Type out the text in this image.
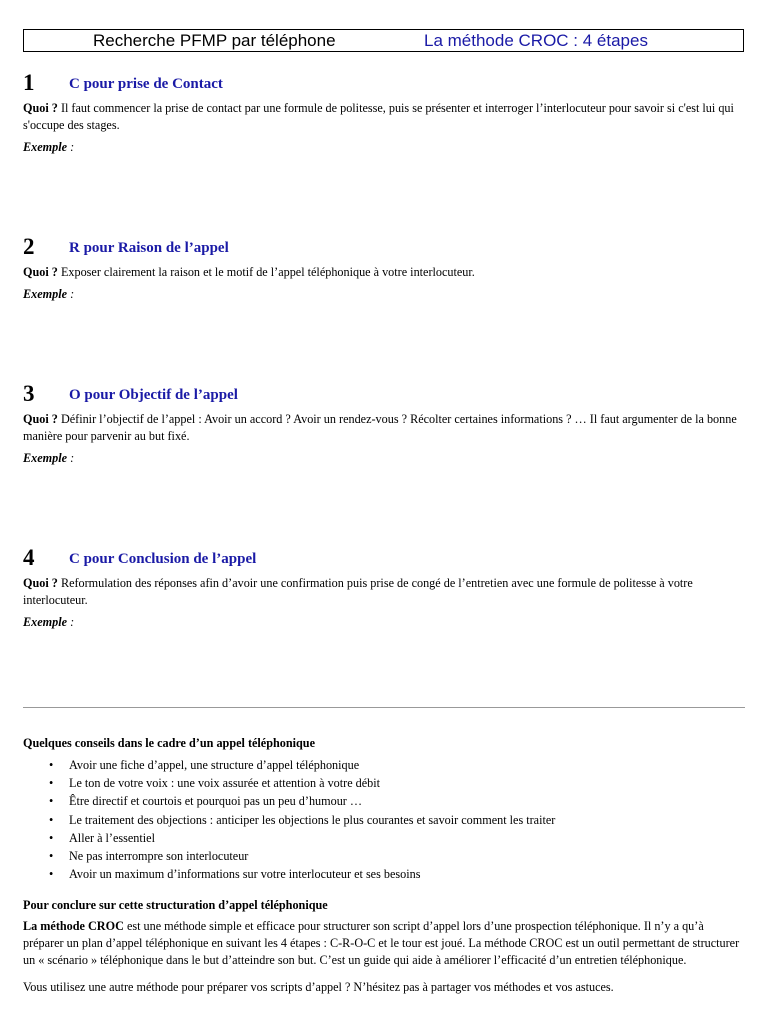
Recherche PFMP par téléphone	La méthode CROC : 4 étapes
1 C pour prise de Contact
Quoi ? Il faut commencer la prise de contact par une formule de politesse, puis se présenter et interroger l’interlocuteur pour savoir si c'est lui qui s'occupe des stages.
Exemple :
2 R pour Raison de l’appel
Quoi ? Exposer clairement la raison et le motif de l’appel téléphonique à votre interlocuteur.
Exemple :
3 O pour Objectif de l’appel
Quoi ? Définir l’objectif de l’appel : Avoir un accord ? Avoir un rendez-vous ? Récolter certaines informations ? … Il faut argumenter de la bonne manière pour parvenir au but fixé.
Exemple :
4 C pour Conclusion de l’appel
Quoi ? Reformulation des réponses afin d’avoir une confirmation puis prise de congé de l’entretien avec une formule de politesse à votre interlocuteur.
Exemple :
Quelques conseils dans le cadre d’un appel téléphonique
• Avoir une fiche d’appel, une structure d’appel téléphonique
• Le ton de votre voix : une voix assurée et attention à votre débit
• Être directif et courtois et pourquoi pas un peu d’humour …
• Le traitement des objections : anticiper les objections le plus courantes et savoir comment les traiter
• Aller à l’essentiel
• Ne pas interrompre son interlocuteur
• Avoir un maximum d’informations sur votre interlocuteur et ses besoins
Pour conclure sur cette structuration d’appel téléphonique

La méthode CROC est une méthode simple et efficace pour structurer son script d’appel lors d’une prospection téléphonique. Il n’y a qu’à préparer un plan d’appel téléphonique en suivant les 4 étapes : C-R-O-C et le tour est joué. La méthode CROC est un outil permettant de structurer un « scénario » téléphonique dans le but d’atteindre son but. C’est un guide qui aide à améliorer l’efficacité d’un entretien téléphonique.

Vous utilisez une autre méthode pour préparer vos scripts d’appel ? N’hésitez pas à partager vos méthodes et vos astuces.
